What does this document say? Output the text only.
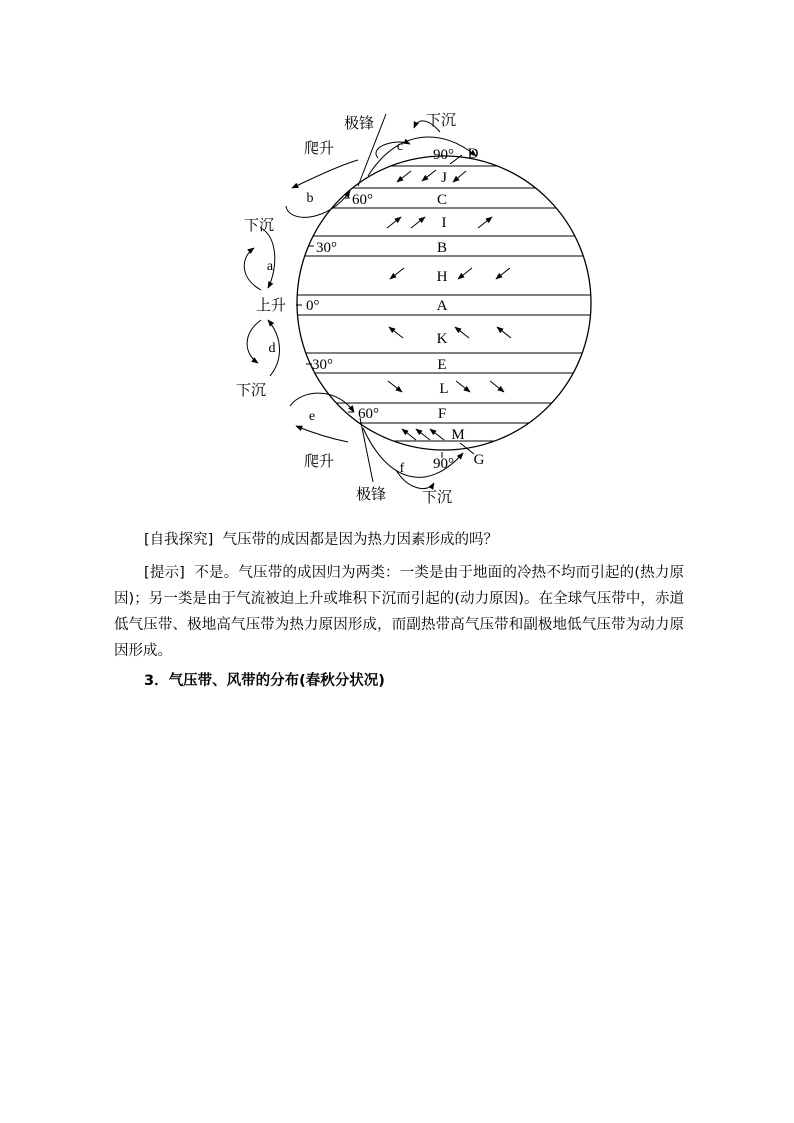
D
J
C
I
B
H
A
K
E
L
F
M
G
90°
60°
30°
0°
30°
60°
90°
c
b
a
d
e
f
极锋	下沉
爬升
下沉
上升
下沉
爬升
极锋 下沉
[自我探究] 气压带的成因都是因为热力因素形成的吗？
[提示] 不是。气压带的成因归为两类：一类是由于地面的冷热不均而引起的(热力原因)；另一类是由于气流被迫上升或堆积下沉而引起的(动力原因)。在全球气压带中，赤道低气压带、极地高气压带为热力原因形成，而副热带高气压带和副极地低气压带为动力原因形成。
3．气压带、风带的分布(春秋分状况)
